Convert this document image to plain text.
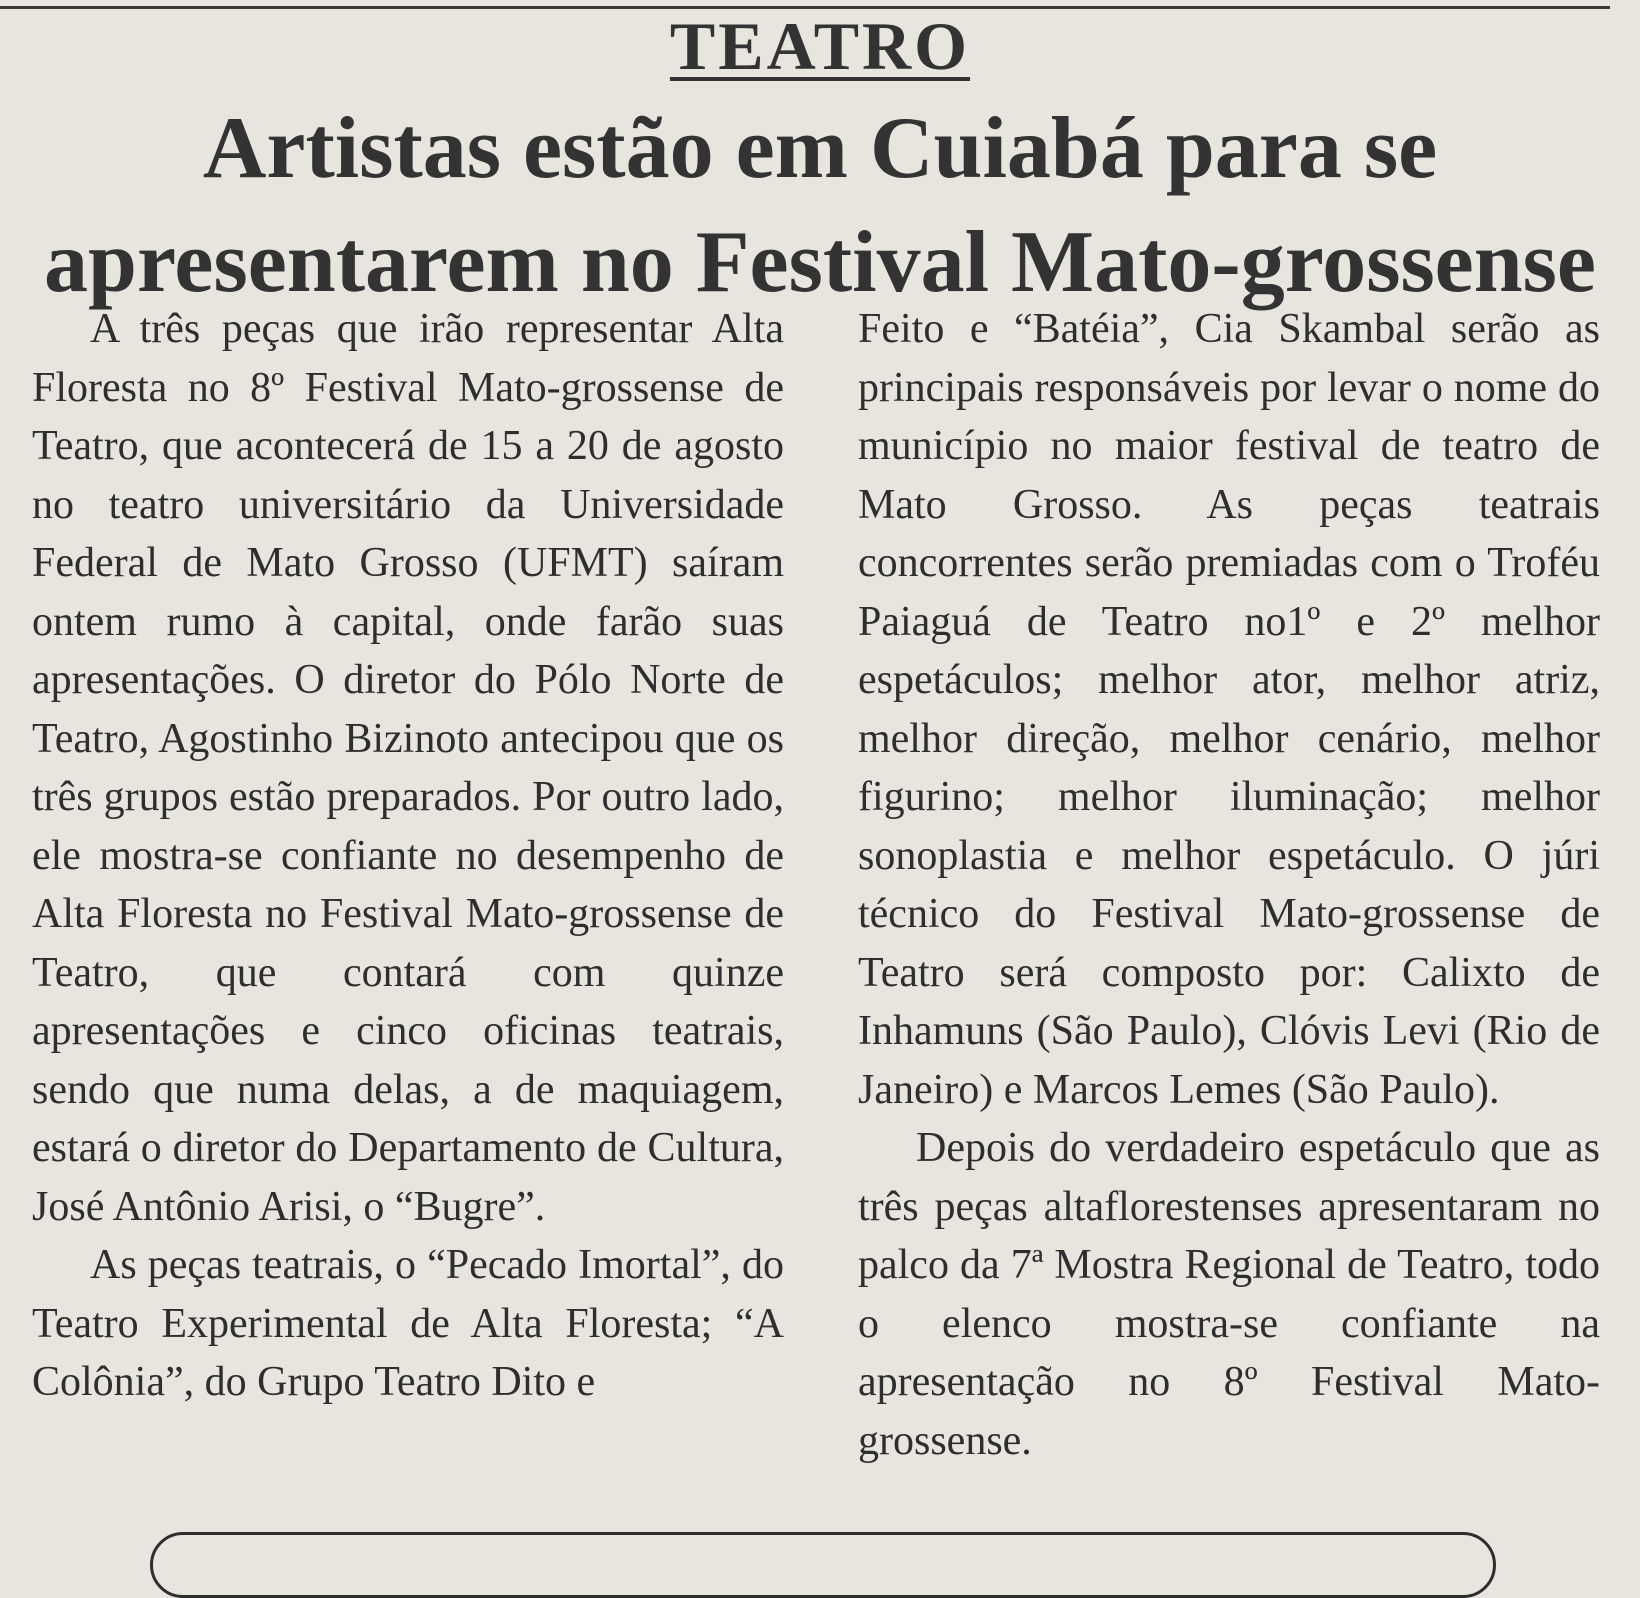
TEATRO
Artistas estão em Cuiabá para se apresentarem no Festival Mato-grossense

A três peças que irão representar Alta Floresta no 8º Festival Mato-grossense de Teatro, que acontecerá de 15 a 20 de agosto no teatro universitário da Universidade Federal de Mato Grosso (UFMT) saíram ontem rumo à capital, onde farão suas apresentações. O diretor do Pólo Norte de Teatro, Agostinho Bizinoto antecipou que os três grupos estão preparados. Por outro lado, ele mostra-se confiante no desempenho de Alta Floresta no Festival Mato-grossense de Teatro, que contará com quinze apresentações e cinco oficinas teatrais, sendo que numa delas, a de maquiagem, estará o diretor do Departamento de Cultura, José Antônio Arisi, o “Bugre”.

As peças teatrais, o “Pecado Imortal”, do Teatro Experimental de Alta Floresta; “A Colônia”, do Grupo Teatro Dito e

Feito e “Batéia”, Cia Skambal serão as principais responsáveis por levar o nome do município no maior festival de teatro de Mato Grosso. As peças teatrais concorrentes serão premiadas com o Troféu Paiaguá de Teatro no1º e 2º melhor espetáculos; melhor ator, melhor atriz, melhor direção, melhor cenário, melhor figurino; melhor iluminação; melhor sonoplastia e melhor espetáculo. O júri técnico do Festival Mato-grossense de Teatro será composto por: Calixto de Inhamuns (São Paulo), Clóvis Levi (Rio de Janeiro) e Marcos Lemes (São Paulo).

Depois do verdadeiro espetáculo que as três peças altaflorestenses apresentaram no palco da 7ª Mostra Regional de Teatro, todo o elenco mostra-se confiante na apresentação no 8º Festival Mato-grossense.
